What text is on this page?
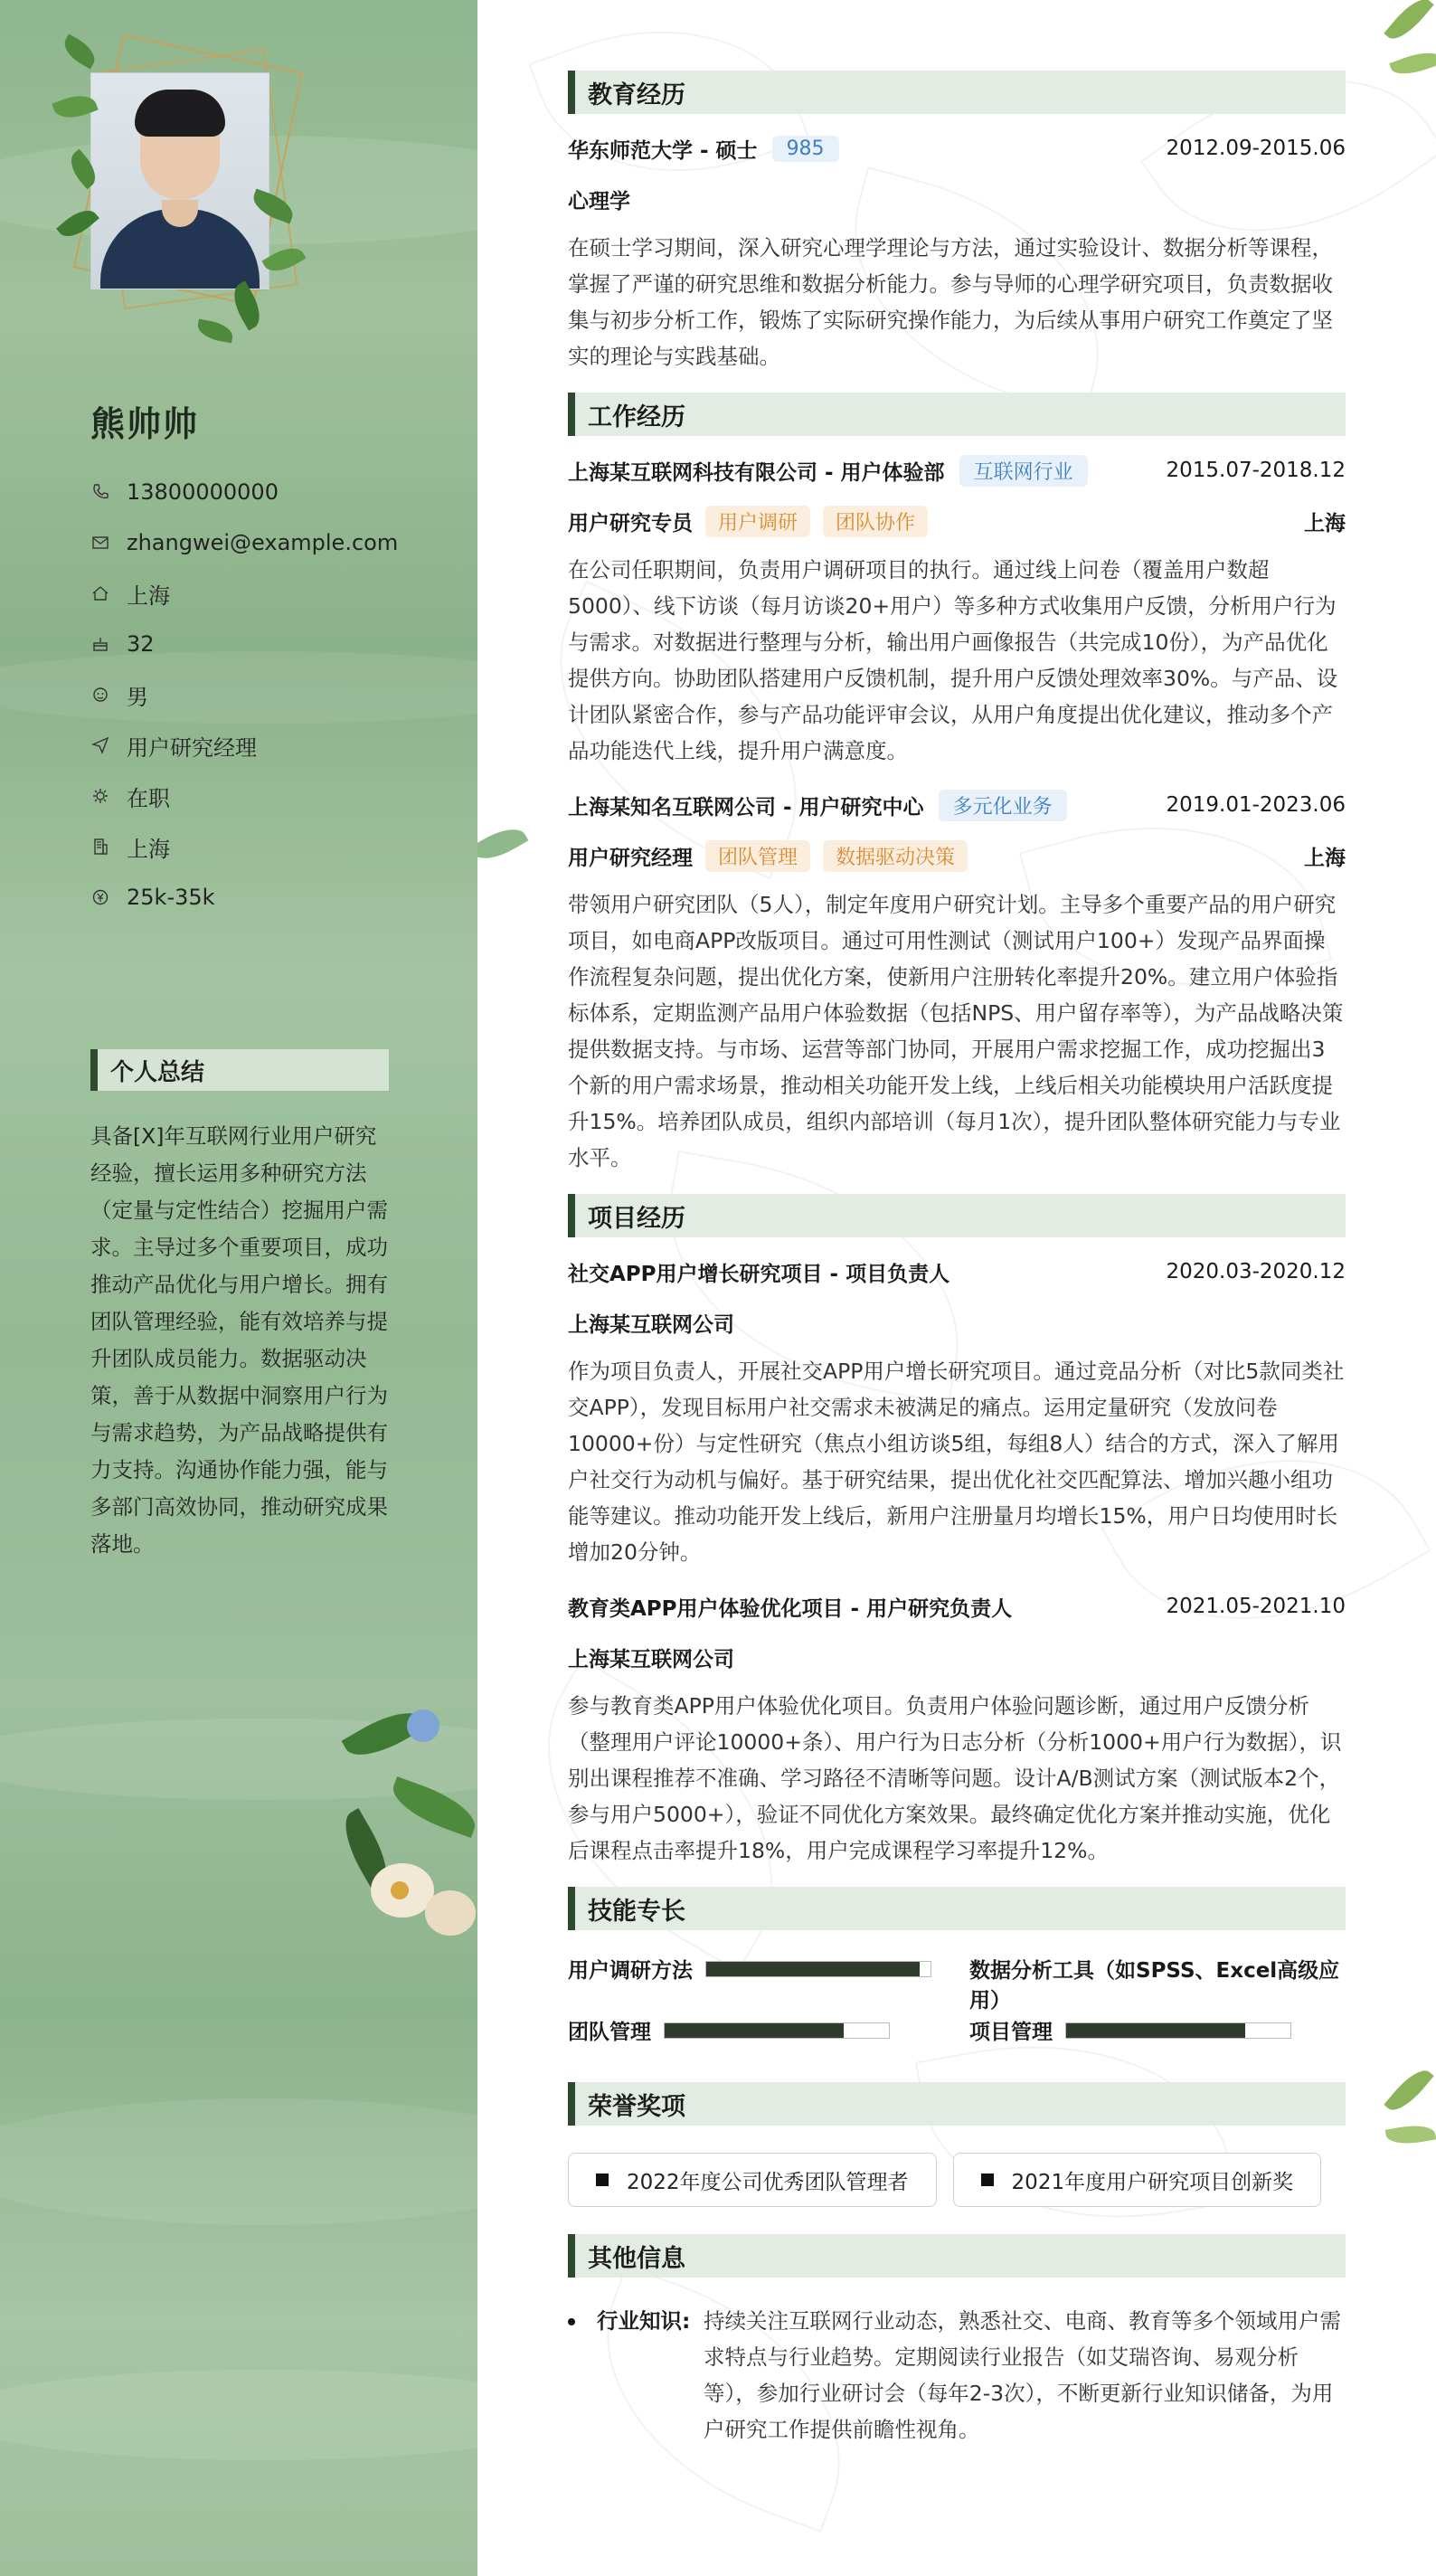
熊帅帅
13800000000
zhangwei@example.com
上海
32
男
用户研究经理
在职
上海
25k-35k
个人总结
具备[X]年互联网行业用户研究经验，擅长运用多种研究方法（定量与定性结合）挖掘用户需求。主导过多个重要项目，成功推动产品优化与用户增长。拥有团队管理经验，能有效培养与提升团队成员能力。数据驱动决策，善于从数据中洞察用户行为与需求趋势，为产品战略提供有力支持。沟通协作能力强，能与多部门高效协同，推动研究成果落地。
教育经历
华东师范大学 - 硕士	985	2012.09-2015.06
心理学
在硕士学习期间，深入研究心理学理论与方法，通过实验设计、数据分析等课程，掌握了严谨的研究思维和数据分析能力。参与导师的心理学研究项目，负责数据收集与初步分析工作，锻炼了实际研究操作能力，为后续从事用户研究工作奠定了坚实的理论与实践基础。
工作经历
上海某互联网科技有限公司 - 用户体验部	互联网行业	2015.07-2018.12
用户研究专员	用户调研	团队协作	上海
在公司任职期间，负责用户调研项目的执行。通过线上问卷（覆盖用户数超5000）、线下访谈（每月访谈20+用户）等多种方式收集用户反馈，分析用户行为与需求。对数据进行整理与分析，输出用户画像报告（共完成10份），为产品优化提供方向。协助团队搭建用户反馈机制，提升用户反馈处理效率30%。与产品、设计团队紧密合作，参与产品功能评审会议，从用户角度提出优化建议，推动多个产品功能迭代上线，提升用户满意度。
上海某知名互联网公司 - 用户研究中心	多元化业务	2019.01-2023.06
用户研究经理	团队管理	数据驱动决策	上海
带领用户研究团队（5人），制定年度用户研究计划。主导多个重要产品的用户研究项目，如电商APP改版项目。通过可用性测试（测试用户100+）发现产品界面操作流程复杂问题，提出优化方案，使新用户注册转化率提升20%。建立用户体验指标体系，定期监测产品用户体验数据（包括NPS、用户留存率等），为产品战略决策提供数据支持。与市场、运营等部门协同，开展用户需求挖掘工作，成功挖掘出3个新的用户需求场景，推动相关功能开发上线，上线后相关功能模块用户活跃度提升15%。培养团队成员，组织内部培训（每月1次），提升团队整体研究能力与专业水平。
项目经历
社交APP用户增长研究项目 - 项目负责人	2020.03-2020.12
上海某互联网公司
作为项目负责人，开展社交APP用户增长研究项目。通过竞品分析（对比5款同类社交APP），发现目标用户社交需求未被满足的痛点。运用定量研究（发放问卷10000+份）与定性研究（焦点小组访谈5组，每组8人）结合的方式，深入了解用户社交行为动机与偏好。基于研究结果，提出优化社交匹配算法、增加兴趣小组功能等建议。推动功能开发上线后，新用户注册量月均增长15%，用户日均使用时长增加20分钟。
教育类APP用户体验优化项目 - 用户研究负责人	2021.05-2021.10
上海某互联网公司
参与教育类APP用户体验优化项目。负责用户体验问题诊断，通过用户反馈分析（整理用户评论10000+条）、用户行为日志分析（分析1000+用户行为数据），识别出课程推荐不准确、学习路径不清晰等问题。设计A/B测试方案（测试版本2个，参与用户5000+），验证不同优化方案效果。最终确定优化方案并推动实施，优化后课程点击率提升18%，用户完成课程学习率提升12%。
技能专长
用户调研方法	数据分析工具（如SPSS、Excel高级应用）
团队管理	项目管理
荣誉奖项
2022年度公司优秀团队管理者	2021年度用户研究项目创新奖
其他信息
行业知识: 持续关注互联网行业动态，熟悉社交、电商、教育等多个领域用户需求特点与行业趋势。定期阅读行业报告（如艾瑞咨询、易观分析等），参加行业研讨会（每年2-3次），不断更新行业知识储备，为用户研究工作提供前瞻性视角。
